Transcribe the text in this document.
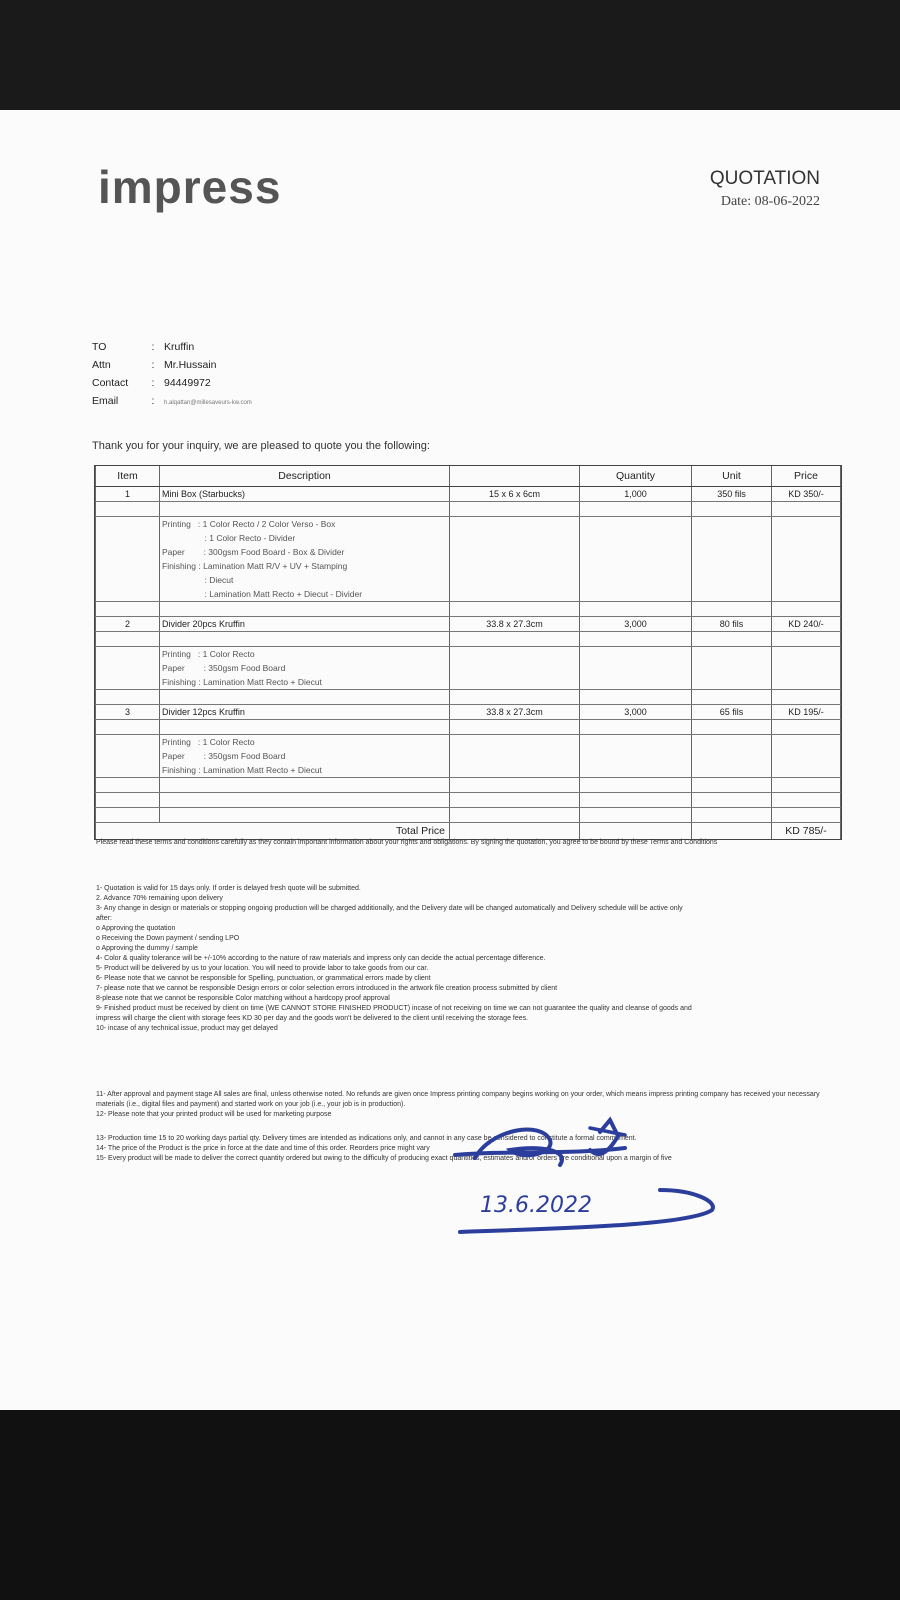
impress	QUOTATION
Date: 08-06-2022
TO	: Kruffin
Attn	: Mr.Hussain
Contact : 94449972
Email	: h.alqattan@millesaveurs-kw.com
Thank you for your inquiry, we are pleased to quote you the following:
Item	Description		Quantity	Unit	Price
1	Mini Box (Starbucks)	15 x 6 x 6cm	1,000	350 fils	KD 350/-

	Printing   : 1 Color Recto / 2 Color Verso - Box				
	: 1 Color Recto - Divider				
	Paper        : 300gsm Food Board - Box & Divider				
	Finishing : Lamination Matt R/V + UV + Stamping				
	: Diecut				
	: Lamination Matt Recto + Diecut - Divider				

2	Divider 20pcs Kruffin	33.8 x 27.3cm	3,000	80 fils	KD 240/-

	Printing   : 1 Color Recto				
	Paper        : 350gsm Food Board				
	Finishing : Lamination Matt Recto + Diecut				

3	Divider 12pcs Kruffin	33.8 x 27.3cm	3,000	65 fils	KD 195/-

	Printing   : 1 Color Recto				
	Paper        : 350gsm Food Board				
	Finishing : Lamination Matt Recto + Diecut				

Total Price					KD 785/-
Please read these terms and conditions carefully as they contain important information about your rights and obligations. By signing the quotation, you agree to be bound by these Terms and Conditions

1- Quotation is valid for 15 days only. If order is delayed fresh quote will be submitted.

2. Advance 70% remaining upon delivery

3- Any change in design or materials or stopping ongoing production will be charged additionally, and the Delivery date will be changed automatically and Delivery schedule will be active only

after:

o Approving the quotation

o Receiving the Down payment / sending LPO

o Approving the dummy / sample

4- Color & quality tolerance will be +/-10% according to the nature of raw materials and impress only can decide the actual percentage difference.

5- Product will be delivered by us to your location. You will need to provide labor to take goods from our car.

6- Please note that we cannot be responsible for Spelling, punctuation, or grammatical errors made by client

7- please note that we cannot be responsible Design errors or color selection errors introduced in the artwork file creation process submitted by client

8-please note that we cannot be responsible Color matching without a hardcopy proof approval

9- Finished product must be received by client on time (WE CANNOT STORE FINISHED PRODUCT) incase of not receiving on time we can not guarantee the quality and cleanse of goods and

impress will charge the client with storage fees KD 30 per day and the goods won't be delivered to the client until receiving the storage fees.

10- incase of any technical issue, product may get delayed

11- After approval and payment stage All sales are final, unless otherwise noted. No refunds are given once Impress printing company begins working on your order, which means impress printing company has received your necessary materials (i.e., digital files and payment) and started work on your job (i.e., your job is in production).

12- Please note that your printed product will be used for marketing purpose

13- Production time 15 to 20 working days partial qty. Delivery times are intended as indications only, and cannot in any case be considered to constitute a formal commitment.

14- The price of the Product is the price in force at the date and time of this order. Reorders price might vary

15- Every product will be made to deliver the correct quantity ordered but owing to the difficulty of producing exact quantities, estimates and/or orders are conditional upon a margin of five

13.6.2022
